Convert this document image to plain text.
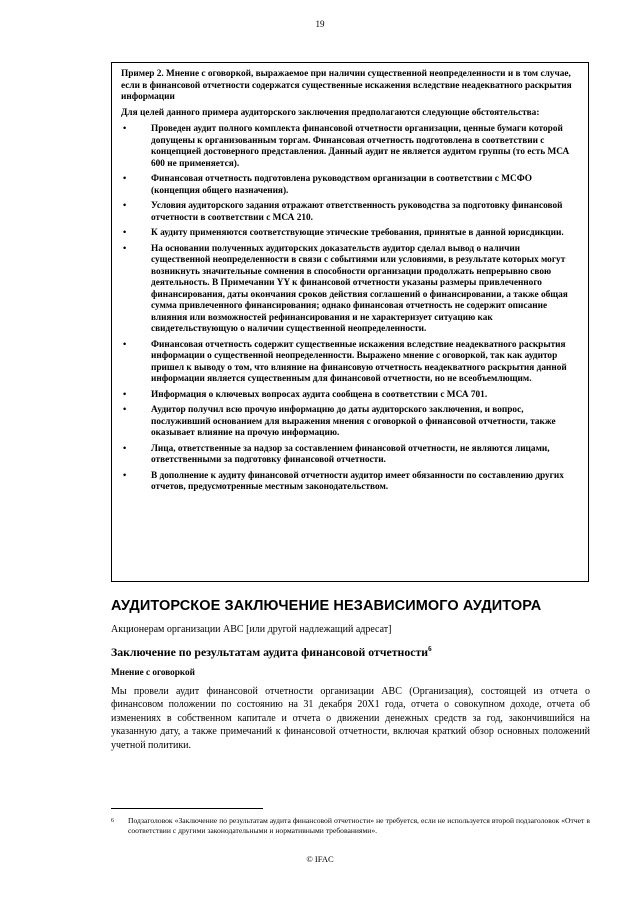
19

Пример 2. Мнение с оговоркой, выражаемое при наличии существенной неопределенности и в том случае, если в финансовой отчетности содержатся существенные искажения вследствие неадекватного раскрытия информации

Для целей данного примера аудиторского заключения предполагаются следующие обстоятельства:

•	Проведен аудит полного комплекта финансовой отчетности организации, ценные бумаги которой допущены к организованным торгам. Финансовая отчетность подготовлена в соответствии с концепцией достоверного представления. Данный аудит не является аудитом группы (то есть МСА 600 не применяется).
•	Финансовая отчетность подготовлена руководством организации в соответствии с МСФО (концепция общего назначения).
•	Условия аудиторского задания отражают ответственность руководства за подготовку финансовой отчетности в соответствии с МСА 210.
•	К аудиту применяются соответствующие этические требования, принятые в данной юрисдикции.
•	На основании полученных аудиторских доказательств аудитор сделал вывод о наличии существенной неопределенности в связи с событиями или условиями, в результате которых могут возникнуть значительные сомнения в способности организации продолжать непрерывно свою деятельность. В Примечании YY к финансовой отчетности указаны размеры привлеченного финансирования, даты окончания сроков действия соглашений о финансировании, а также общая сумма привлеченного финансирования; однако финансовая отчетность не содержит описание влияния или возможностей рефинансирования и не характеризует ситуацию как свидетельствующую о наличии существенной неопределенности.
•	Финансовая отчетность содержит существенные искажения вследствие неадекватного раскрытия информации о существенной неопределенности. Выражено мнение с оговоркой, так как аудитор пришел к выводу о том, что влияние на финансовую отчетность неадекватного раскрытия данной информации является существенным для финансовой отчетности, но не всеобъемлющим.
•	Информация о ключевых вопросах аудита сообщена в соответствии с МСА 701.
•	Аудитор получил всю прочую информацию до даты аудиторского заключения, и вопрос, послуживший основанием для выражения мнения с оговоркой о финансовой отчетности, также оказывает влияние на прочую информацию.
•	Лица, ответственные за надзор за составлением финансовой отчетности, не являются лицами, ответственными за подготовку финансовой отчетности.
•	В дополнение к аудиту финансовой отчетности аудитор имеет обязанности по составлению других отчетов, предусмотренные местным законодательством.
АУДИТОРСКОЕ ЗАКЛЮЧЕНИЕ НЕЗАВИСИМОГО АУДИТОРА

Акционерам организации АВС [или другой надлежащий адресат]

Заключение по результатам аудита финансовой отчетности$^6$
Мнение с оговоркой

Мы провели аудит финансовой отчетности организации АВС (Организация), состоящей из отчета о финансовом положении по состоянию на 31 декабря 20Х1 года, отчета о совокупном доходе, отчета об изменениях в собственном капитале и отчета о движении денежных средств за год, закончившийся на указанную дату, а также примечаний к финансовой отчетности, включая краткий обзор основных положений учетной политики.

6	Подзаголовок «Заключение по результатам аудита финансовой отчетности» не требуется, если не используется второй подзаголовок «Отчет в соответствии с другими законодательными и нормативными требованиями».

© IFAC
